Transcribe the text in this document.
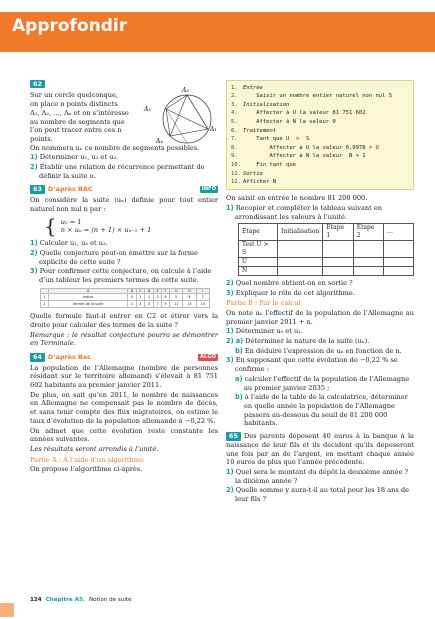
Approfondir
62
Sur un cercle quelconque,
on place n points distincts
A₁, A₂, …, Aₙ et on s’intéresse
au nombre de segments que
l’on peut tracer entre ces n
points.
A₃
A₅
A₁
A₄
On nommera uₙ ce nombre de segments possibles.
1) Déterminer u₁, u₂ et u₃.
2) Établir une relation de récurrence permettant de définir la suite u.
63 D’après BAC	INFO
On considère la suite (uₙ) définie pour tout entier naturel non nul n par :
{ u₀ = 1
n × uₙ = (n + 1) × uₙ₋₁ + 1
1) Calculer u₁, u₂ et u₃.
2) Quelle conjecture peut-on émettre sur la forme explicite de cette suite ?
3) Pour confirmer cette conjecture, on calcule à l’aide d’un tableur les premiers termes de cette suite.
	A	B	C	D	E	F	G	H	I
1	indice	0	1	2	3	4	5	6	7
2	termes de la suite	1	3	5	7	9	11	13	15
Quelle formule faut-il entrer en C2 et étirer vers la droite pour calculer des termes de la suite ?
Remarque : le résultat conjecturé pourra se démontrer en Terminale.
64 D’après Bac	ALGO
La population de l’Allemagne (nombre de personnes résidant sur le territoire allemand) s’élevait à 81 751 602 habitants au premier janvier 2011.
De plus, on sait qu’en 2011, le nombre de naissances en Allemagne ne compensait pas le nombre de décès, et sans tenir compte des flux migratoires, on estime le taux d’évolution de la population allemande à −0,22 %.
On admet que cette évolution reste constante les années suivantes.
Les résultats seront arrondis à l’unité.
Partie A : À l’aide d’un algorithme
On propose l’algorithme ci-après.
1. Entrée
2. Saisir un nombre entier naturel non nul S
3. Initialisation
4. Affecter à U la valeur 81 751 602
5. Affecter à N la valeur 0
6. Traitement
7. Tant que U  >  S
8. Affecter à U la valeur 0,9978 × U
9. Affecter à N la valeur  N + 1
10. Fin tant que
11. Sortie
12. Afficher N
On saisit en entrée le nombre 81 200 000.
1) Recopier et compléter le tableau suivant en arrondissant les valeurs à l’unité.
Étape	Initialisation	Étape 1	Étape 2	…
Test U > S				
U				
N				
2) Quel nombre obtient-on en sortie ?
3) Expliquer le rôle de cet algorithme.
Partie B : Par le calcul
On note uₙ l’effectif de la population de l’Allemagne au premier janvier 2011 + n.
1) Déterminer u₀ et u₁.
2) a) Déterminer la nature de la suite (uₙ).
b) En déduire l’expression de uₙ en fonction de n.
3) En supposant que cette évolution de −0,22 % se confirme :
a) calculer l’effectif de la population de l’Allemagne au premier janvier 2035 ;
b) à l’aide de la table de la calculatrice, déterminer en quelle année la population de l’Allemagne passera au-dessous du seuil de 81 200 000 habitants.
65 Des parents déposent 40 euros à la banque à la naissance de leur fils et ils décident qu’ils déposeront une fois par an de l’argent, en mettant chaque année 10 euros de plus que l’année précédente.
1) Quel sera le montant du dépôt la deuxième année ? la dixième année ?
2) Quelle somme y aura-t-il au total pour les 18 ans de leur fils ?
124 Chapitre A5. Notion de suite
